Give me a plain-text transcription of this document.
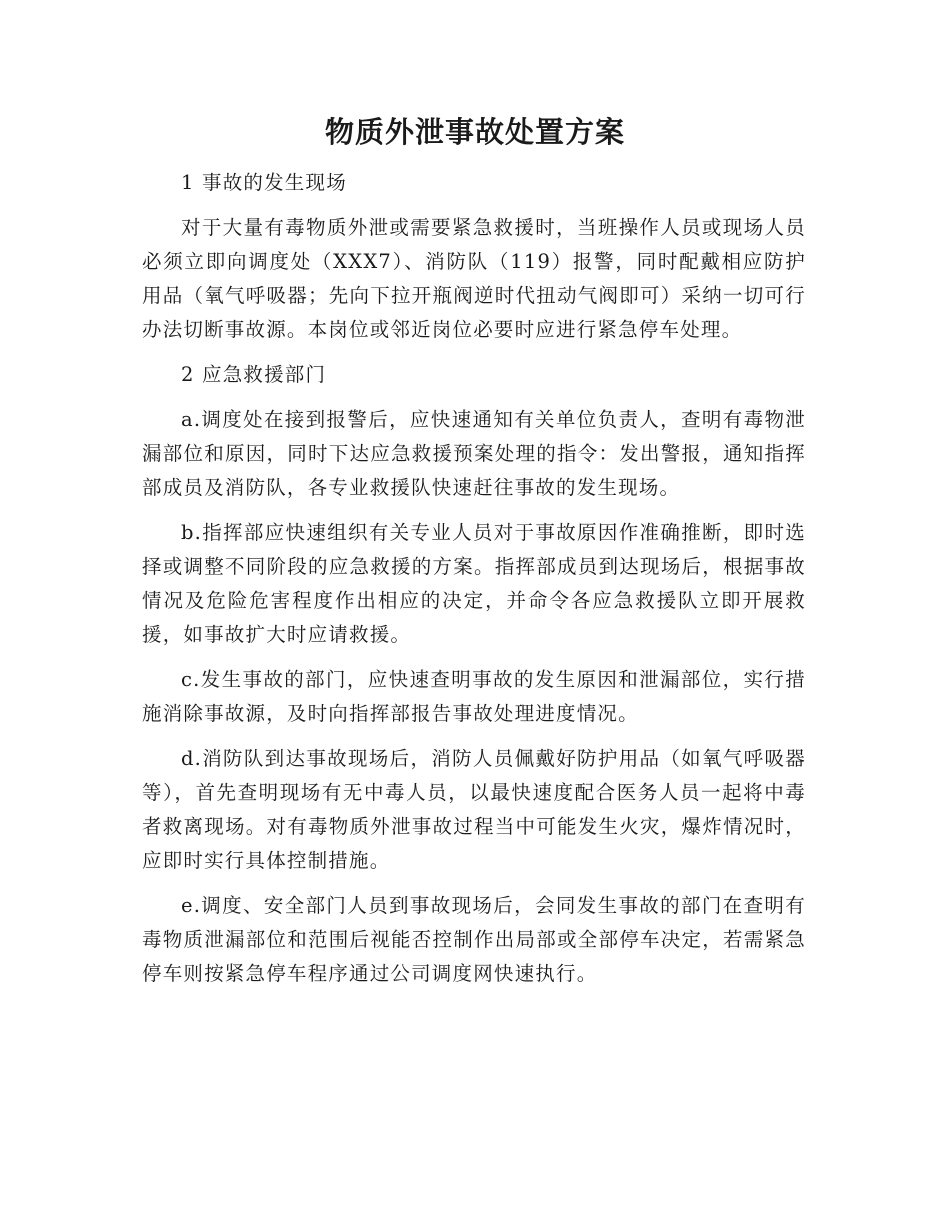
物质外泄事故处置方案

1 事故的发生现场

对于大量有毒物质外泄或需要紧急救援时，当班操作人员或现场人员必须立即向调度处（XXX7）、消防队（119）报警，同时配戴相应防护用品（氧气呼吸器；先向下拉开瓶阀逆时代扭动气阀即可）采纳一切可行办法切断事故源。本岗位或邻近岗位必要时应进行紧急停车处理。

2 应急救援部门

a.调度处在接到报警后，应快速通知有关单位负责人，查明有毒物泄漏部位和原因，同时下达应急救援预案处理的指令：发出警报，通知指挥部成员及消防队，各专业救援队快速赶往事故的发生现场。

b.指挥部应快速组织有关专业人员对于事故原因作准确推断，即时选择或调整不同阶段的应急救援的方案。指挥部成员到达现场后，根据事故情况及危险危害程度作出相应的决定，并命令各应急救援队立即开展救援，如事故扩大时应请救援。

c.发生事故的部门，应快速查明事故的发生原因和泄漏部位，实行措施消除事故源，及时向指挥部报告事故处理进度情况。

d.消防队到达事故现场后，消防人员佩戴好防护用品（如氧气呼吸器等），首先查明现场有无中毒人员，以最快速度配合医务人员一起将中毒者救离现场。对有毒物质外泄事故过程当中可能发生火灾，爆炸情况时，应即时实行具体控制措施。

e.调度、安全部门人员到事故现场后，会同发生事故的部门在查明有毒物质泄漏部位和范围后视能否控制作出局部或全部停车决定，若需紧急停车则按紧急停车程序通过公司调度网快速执行。
